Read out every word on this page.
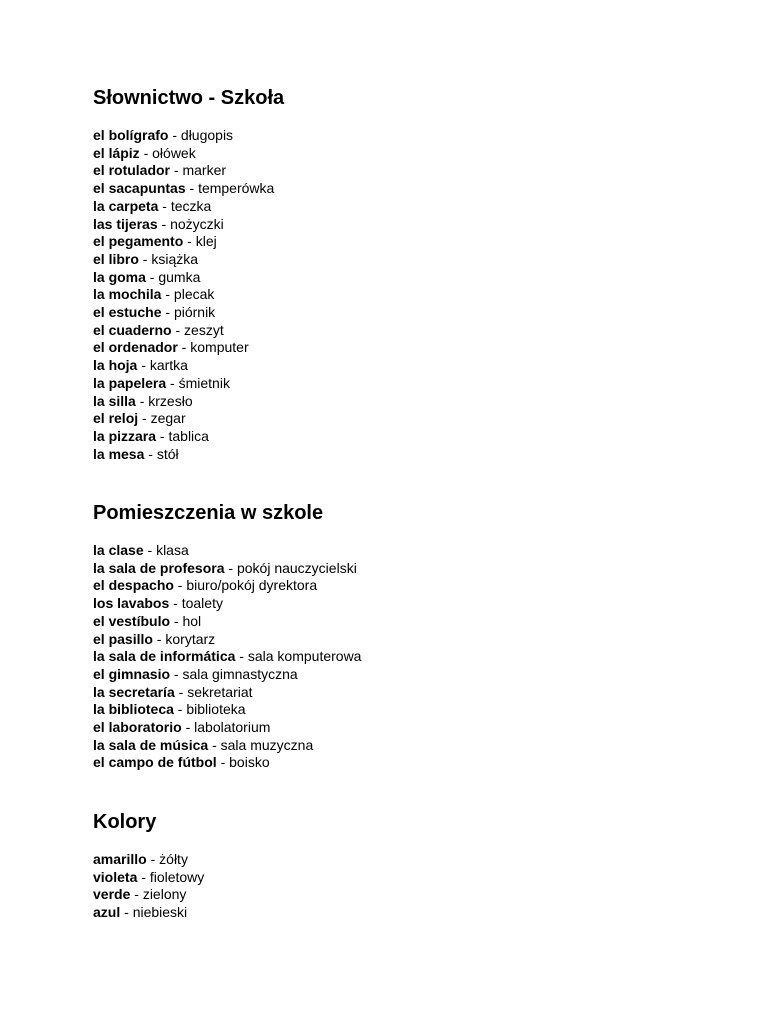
Słownictwo - Szkoła
el bolígrafo - długopis
el lápiz - ołówek
el rotulador - marker
el sacapuntas - temperówka
la carpeta - teczka
las tijeras - nożyczki
el pegamento - klej
el libro - książka
la goma - gumka
la mochila - plecak
el estuche - piórnik
el cuaderno - zeszyt
el ordenador - komputer
la hoja - kartka
la papelera - śmietnik
la silla - krzesło
el reloj - zegar
la pizzara - tablica
la mesa - stół
Pomieszczenia w szkole
la clase - klasa
la sala de profesora - pokój nauczycielski
el despacho - biuro/pokój dyrektora
los lavabos - toalety
el vestíbulo - hol
el pasillo - korytarz
la sala de informática - sala komputerowa
el gimnasio - sala gimnastyczna
la secretaría - sekretariat
la biblioteca - biblioteka
el laboratorio - labolatorium
la sala de música - sala muzyczna
el campo de fútbol - boisko
Kolory
amarillo - żółty
violeta - fioletowy
verde - zielony
azul - niebieski
